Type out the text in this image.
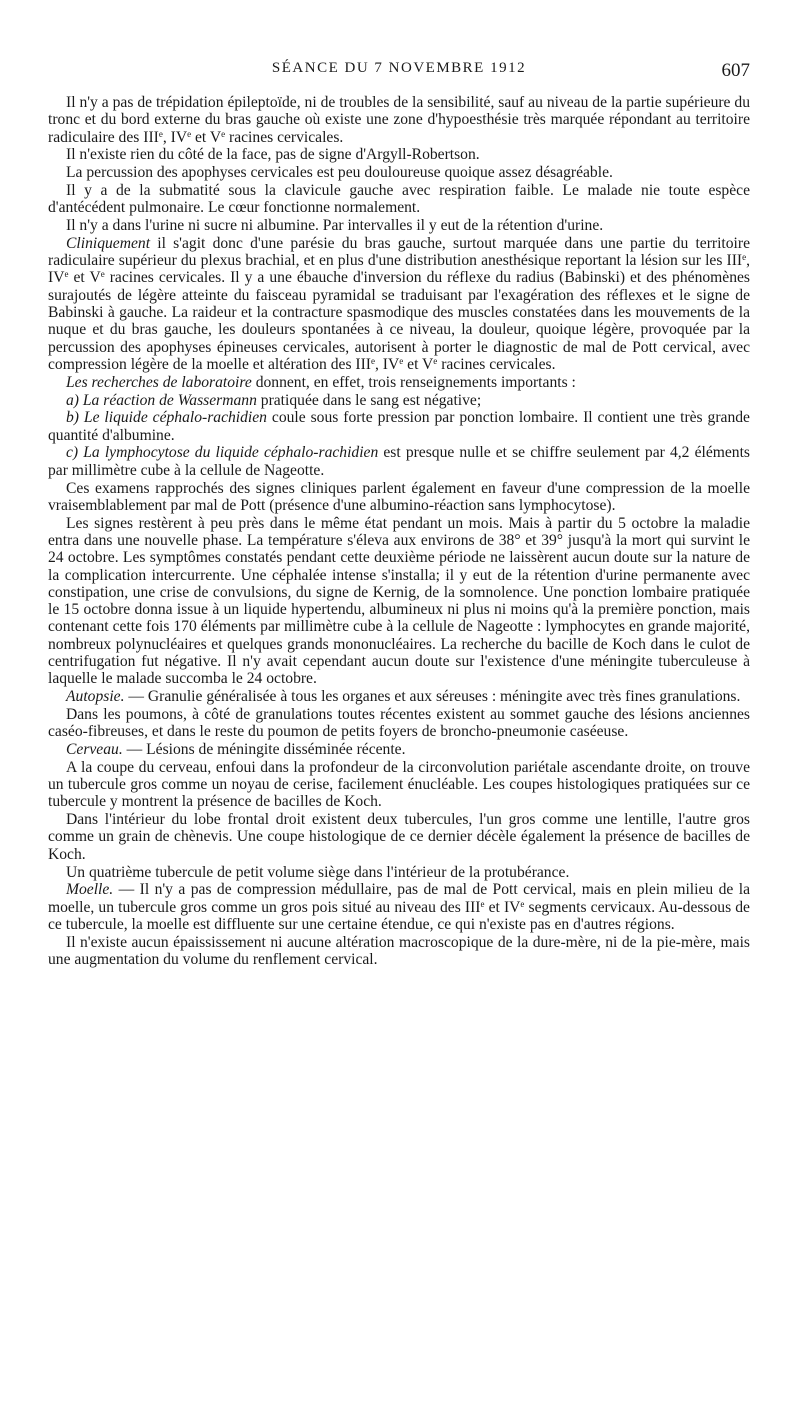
SÉANCE DU 7 NOVEMBRE 1912	607

Il n'y a pas de trépidation épileptoïde, ni de troubles de la sensibilité, sauf au niveau de la partie supérieure du tronc et du bord externe du bras gauche où existe une zone d'hypoesthésie très marquée répondant au territoire radiculaire des IIIe, IVe et Ve racines cervicales.

Il n'existe rien du côté de la face, pas de signe d'Argyll-Robertson.

La percussion des apophyses cervicales est peu douloureuse quoique assez désagréable.

Il y a de la submatité sous la clavicule gauche avec respiration faible. Le malade nie toute espèce d'antécédent pulmonaire. Le cœur fonctionne normalement.

Il n'y a dans l'urine ni sucre ni albumine. Par intervalles il y eut de la rétention d'urine.

Cliniquement il s'agit donc d'une parésie du bras gauche, surtout marquée dans une partie du territoire radiculaire supérieur du plexus brachial, et en plus d'une distribution anesthésique reportant la lésion sur les IIIe, IVe et Ve racines cervicales. Il y a une ébauche d'inversion du réflexe du radius (Babinski) et des phénomènes surajoutés de légère atteinte du faisceau pyramidal se traduisant par l'exagération des réflexes et le signe de Babinski à gauche. La raideur et la contracture spasmodique des muscles constatées dans les mouvements de la nuque et du bras gauche, les douleurs spontanées à ce niveau, la douleur, quoique légère, provoquée par la percussion des apophyses épineuses cervicales, autorisent à porter le diagnostic de mal de Pott cervical, avec compression légère de la moelle et altération des IIIe, IVe et Ve racines cervicales.

Les recherches de laboratoire donnent, en effet, trois renseignements importants :

a) La réaction de Wassermann pratiquée dans le sang est négative;

b) Le liquide céphalo-rachidien coule sous forte pression par ponction lombaire. Il contient une très grande quantité d'albumine.

c) La lymphocytose du liquide céphalo-rachidien est presque nulle et se chiffre seulement par 4,2 éléments par millimètre cube à la cellule de Nageotte.

Ces examens rapprochés des signes cliniques parlent également en faveur d'une compression de la moelle vraisemblablement par mal de Pott (présence d'une albumino-réaction sans lymphocytose).

Les signes restèrent à peu près dans le même état pendant un mois. Mais à partir du 5 octobre la maladie entra dans une nouvelle phase. La température s'éleva aux environs de 38° et 39° jusqu'à la mort qui survint le 24 octobre. Les symptômes constatés pendant cette deuxième période ne laissèrent aucun doute sur la nature de la complication intercurrente. Une céphalée intense s'installa; il y eut de la rétention d'urine permanente avec constipation, une crise de convulsions, du signe de Kernig, de la somnolence. Une ponction lombaire pratiquée le 15 octobre donna issue à un liquide hypertendu, albumineux ni plus ni moins qu'à la première ponction, mais contenant cette fois 170 éléments par millimètre cube à la cellule de Nageotte : lymphocytes en grande majorité, nombreux polynucléaires et quelques grands mononucléaires. La recherche du bacille de Koch dans le culot de centrifugation fut négative. Il n'y avait cependant aucun doute sur l'existence d'une méningite tuberculeuse à laquelle le malade succomba le 24 octobre.

Autopsie. — Granulie généralisée à tous les organes et aux séreuses : méningite avec très fines granulations.

Dans les poumons, à côté de granulations toutes récentes existent au sommet gauche des lésions anciennes caséo-fibreuses, et dans le reste du poumon de petits foyers de broncho-pneumonie caséeuse.

Cerveau. — Lésions de méningite disséminée récente.

A la coupe du cerveau, enfoui dans la profondeur de la circonvolution pariétale ascendante droite, on trouve un tubercule gros comme un noyau de cerise, facilement énucléable. Les coupes histologiques pratiquées sur ce tubercule y montrent la présence de bacilles de Koch.

Dans l'intérieur du lobe frontal droit existent deux tubercules, l'un gros comme une lentille, l'autre gros comme un grain de chènevis. Une coupe histologique de ce dernier décèle également la présence de bacilles de Koch.

Un quatrième tubercule de petit volume siège dans l'intérieur de la protubérance.

Moelle. — Il n'y a pas de compression médullaire, pas de mal de Pott cervical, mais en plein milieu de la moelle, un tubercule gros comme un gros pois situé au niveau des IIIe et IVe segments cervicaux. Au-dessous de ce tubercule, la moelle est diffluente sur une certaine étendue, ce qui n'existe pas en d'autres régions.

Il n'existe aucun épaississement ni aucune altération macroscopique de la dure-mère, ni de la pie-mère, mais une augmentation du volume du renflement cervical.
